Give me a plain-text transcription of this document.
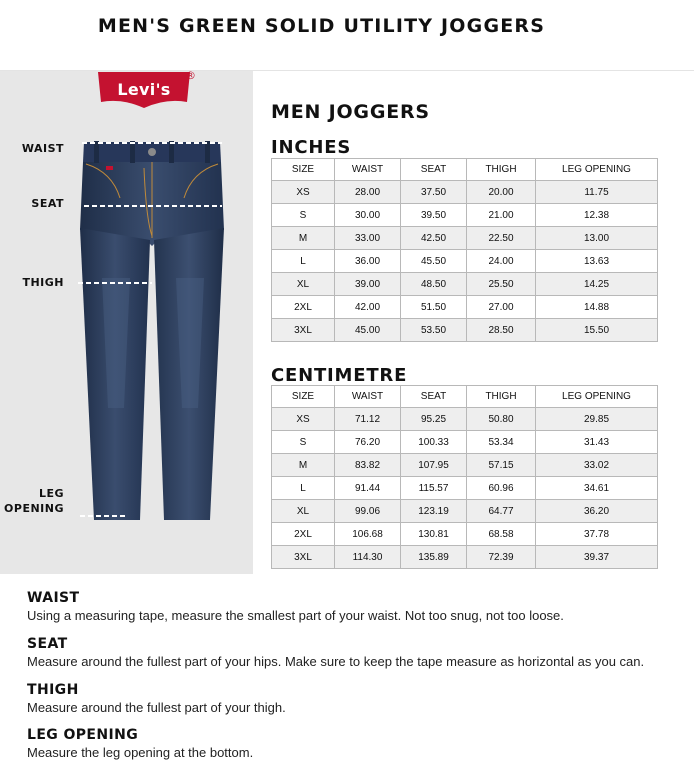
MEN'S GREEN SOLID UTILITY JOGGERS
Levi's
®
WAIST
SEAT
THIGH
LEG
OPENING
MEN JOGGERS
INCHES
SIZE	WAIST	SEAT	THIGH	LEG OPENING
XS	28.00	37.50	20.00	11.75
S	30.00	39.50	21.00	12.38
M	33.00	42.50	22.50	13.00
L	36.00	45.50	24.00	13.63
XL	39.00	48.50	25.50	14.25
2XL	42.00	51.50	27.00	14.88
3XL	45.00	53.50	28.50	15.50
CENTIMETRE
SIZE	WAIST	SEAT	THIGH	LEG OPENING
XS	71.12	95.25	50.80	29.85
S	76.20	100.33	53.34	31.43
M	83.82	107.95	57.15	33.02
L	91.44	115.57	60.96	34.61
XL	99.06	123.19	64.77	36.20
2XL	106.68	130.81	68.58	37.78
3XL	114.30	135.89	72.39	39.37
WAIST
Using a measuring tape, measure the smallest part of your waist. Not too snug, not too loose.
SEAT
Measure around the fullest part of your hips. Make sure to keep the tape measure as horizontal as you can.
THIGH
Measure around the fullest part of your thigh.
LEG OPENING
Measure the leg opening at the bottom.
